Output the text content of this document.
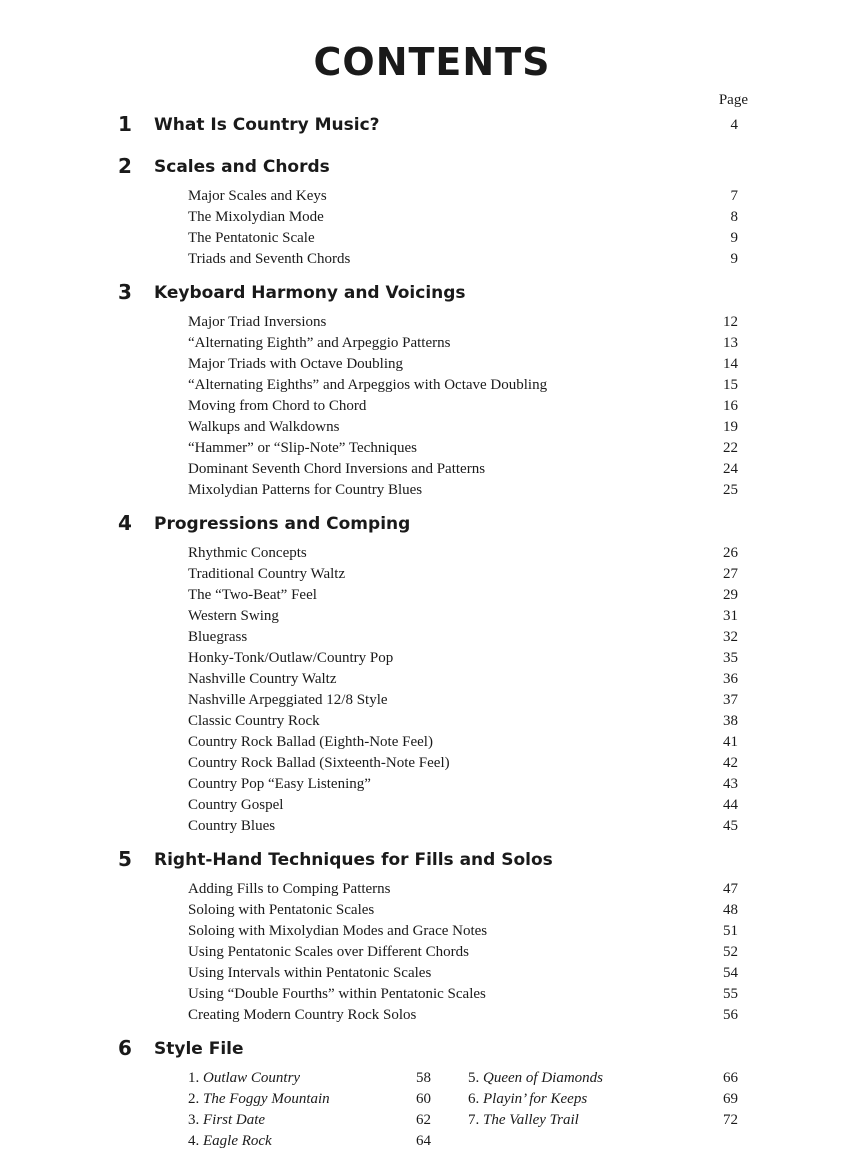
CONTENTS
Page
1 What Is Country Music?	4
2 Scales and Chords
Major Scales and Keys	7
The Mixolydian Mode	8
The Pentatonic Scale	9
Triads and Seventh Chords	9
3 Keyboard Harmony and Voicings
Major Triad Inversions	12
“Alternating Eighth” and Arpeggio Patterns	13
Major Triads with Octave Doubling	14
“Alternating Eighths” and Arpeggios with Octave Doubling	15
Moving from Chord to Chord	16
Walkups and Walkdowns	19
“Hammer” or “Slip-Note” Techniques	22
Dominant Seventh Chord Inversions and Patterns	24
Mixolydian Patterns for Country Blues	25
4 Progressions and Comping
Rhythmic Concepts	26
Traditional Country Waltz	27
The “Two-Beat” Feel	29
Western Swing	31
Bluegrass	32
Honky-Tonk/Outlaw/Country Pop	35
Nashville Country Waltz	36
Nashville Arpeggiated 12/8 Style	37
Classic Country Rock	38
Country Rock Ballad (Eighth-Note Feel)	41
Country Rock Ballad (Sixteenth-Note Feel)	42
Country Pop “Easy Listening”	43
Country Gospel	44
Country Blues	45
5 Right-Hand Techniques for Fills and Solos
Adding Fills to Comping Patterns	47
Soloing with Pentatonic Scales	48
Soloing with Mixolydian Modes and Grace Notes	51
Using Pentatonic Scales over Different Chords	52
Using Intervals within Pentatonic Scales	54
Using “Double Fourths” within Pentatonic Scales	55
Creating Modern Country Rock Solos	56
6 Style File
1. Outlaw Country	58
2. The Foggy Mountain	60
3. First Date	62
4. Eagle Rock	64
5. Queen of Diamonds	66
6. Playin’ for Keeps	69
7. The Valley Trail	72
